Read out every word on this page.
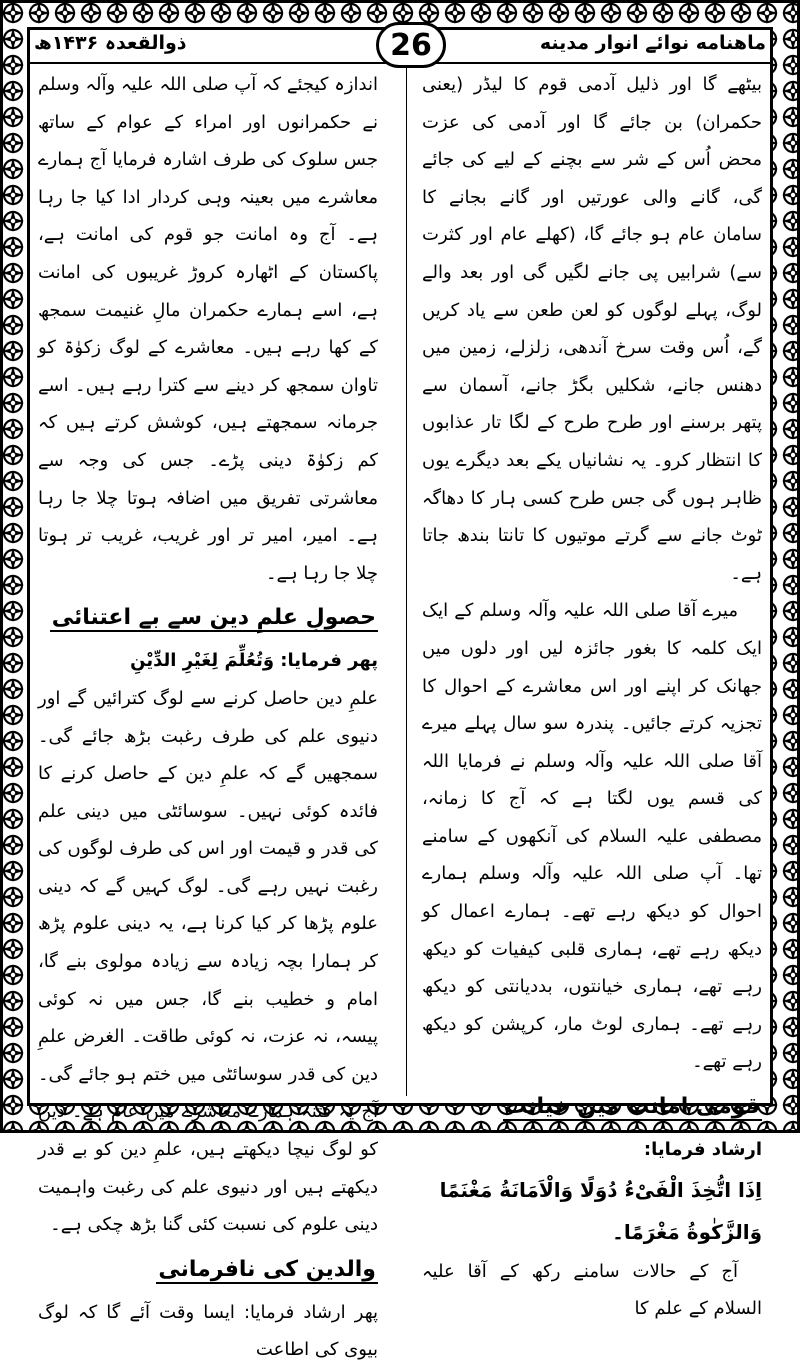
ماهنامه نوائے انوار مدینه
ذوالقعدہ ۱۴۳۶ھ	26

بیٹھے گا اور ذلیل آدمی قوم کا لیڈر (یعنی حکمران) بن جائے گا اور آدمی کی عزت محض اُس کے شر سے بچنے کے لیے کی جائے گی، گانے والی عورتیں اور گانے بجانے کا سامان عام ہو جائے گا، (کھلے عام اور کثرت سے) شرابیں پی جانے لگیں گی اور بعد والے لوگ، پہلے لوگوں کو لعن طعن سے یاد کریں گے، اُس وقت سرخ آندھی، زلزلے، زمین میں دھنس جانے، شکلیں بگڑ جانے، آسمان سے پتھر برسنے اور طرح طرح کے لگا تار عذابوں کا انتظار کرو۔ یہ نشانیاں یکے بعد دیگرے یوں ظاہر ہوں گی جس طرح کسی ہار کا دھاگہ ٹوٹ جانے سے گرتے موتیوں کا تانتا بندھ جاتا ہے۔

میرے آقا صلی اللہ علیہ وآلہ وسلم کے ایک ایک کلمہ کا بغور جائزہ لیں اور دلوں میں جھانک کر اپنے اور اس معاشرے کے احوال کا تجزیہ کرتے جائیں۔ پندرہ سو سال پہلے میرے آقا صلی اللہ علیہ وآلہ وسلم نے فرمایا اللہ کی قسم یوں لگتا ہے کہ آج کا زمانہ، مصطفی علیہ السلام کی آنکھوں کے سامنے تھا۔ آپ صلی اللہ علیہ وآلہ وسلم ہمارے احوال کو دیکھ رہے تھے۔ ہمارے اعمال کو دیکھ رہے تھے، ہماری قلبی کیفیات کو دیکھ رہے تھے، ہماری خیانتوں، بددیانتی کو دیکھ رہے تھے۔ ہماری لوٹ مار، کرپشن کو دیکھ رہے تھے۔

قومی امانت میں خیانت

ارشاد فرمایا:

اِذَا اتُّخِذَ الْفَیْءُ دُوَلًا وَالْاَمَانَةُ مَغْنَمًا وَالزَّكٰوةُ مَغْرَمًا۔

آج کے حالات سامنے رکھ کے آقا علیہ السلام کے علم کا

اندازہ کیجئے کہ آپ صلی اللہ علیہ وآلہ وسلم نے حکمرانوں اور امراء کے عوام کے ساتھ جس سلوک کی طرف اشارہ فرمایا آج ہمارے معاشرے میں بعینہ وہی کردار ادا کیا جا رہا ہے۔ آج وہ امانت جو قوم کی امانت ہے، پاکستان کے اٹھارہ کروڑ غریبوں کی امانت ہے، اسے ہمارے حکمران مالِ غنیمت سمجھ کے کھا رہے ہیں۔ معاشرے کے لوگ زکوٰۃ کو تاوان سمجھ کر دینے سے کترا رہے ہیں۔ اسے جرمانہ سمجھتے ہیں، کوشش کرتے ہیں کہ کم زکوٰۃ دینی پڑے۔ جس کی وجہ سے معاشرتی تفریق میں اضافہ ہوتا چلا جا رہا ہے۔ امیر، امیر تر اور غریب، غریب تر ہوتا چلا جا رہا ہے۔

حصولِ علمِ دین سے بے اعتنائی

پھر فرمایا: وَتُعُلِّمَ لِغَیْرِ الدِّیْنِ

علمِ دین حاصل کرنے سے لوگ کترائیں گے اور دنیوی علم کی طرف رغبت بڑھ جائے گی۔ سمجھیں گے کہ علمِ دین کے حاصل کرنے کا فائدہ کوئی نہیں۔ سوسائٹی میں دینی علم کی قدر و قیمت اور اس کی طرف لوگوں کی رغبت نہیں رہے گی۔ لوگ کہیں گے کہ دینی علوم پڑھا کر کیا کرنا ہے، یہ دینی علوم پڑھ کر ہمارا بچہ زیادہ سے زیادہ مولوی بنے گا، امام و خطیب بنے گا، جس میں نہ کوئی پیسہ، نہ عزت، نہ کوئی طاقت۔ الغرض علمِ دین کی قدر سوسائٹی میں ختم ہو جائے گی۔ آج یہ فتنہ ہمارے معاشرے میں عام ہے۔ دین کو لوگ نیچا دیکھتے ہیں، علمِ دین کو بے قدر دیکھتے ہیں اور دنیوی علم کی رغبت واہمیت دینی علوم کی نسبت کئی گنا بڑھ چکی ہے۔

والدین کی نافرمانی

پھر ارشاد فرمایا: ایسا وقت آئے گا کہ لوگ بیوی کی اطاعت
